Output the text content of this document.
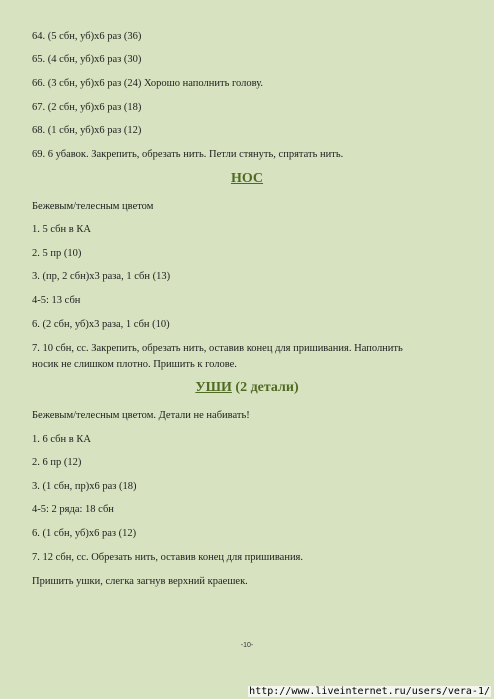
64. (5 сбн, уб)х6 раз (36)

65. (4 сбн, уб)х6 раз (30)

66. (3 сбн, уб)х6 раз (24) Хорошо наполнить голову.

67. (2 сбн, уб)х6 раз (18)

68. (1 сбн, уб)х6 раз (12)

69. 6 убавок. Закрепить, обрезать нить. Петли стянуть, спрятать нить.

НОС

Бежевым/телесным цветом

1. 5 сбн в КА

2. 5 пр (10)

3. (пр, 2 сбн)х3 раза, 1 сбн (13)

4-5: 13 сбн

6. (2 сбн, уб)х3 раза, 1 сбн (10)

7. 10 сбн, сс. Закрепить, обрезать нить, оставив конец для пришивания. Наполнить

носик не слишком плотно. Пришить к голове.

УШИ (2 детали)

Бежевым/телесным цветом. Детали не набивать!

1. 6 сбн в КА

2. 6 пр (12)

3. (1 сбн, пр)х6 раз (18)

4-5: 2 ряда: 18 сбн

6. (1 сбн, уб)х6 раз (12)

7. 12 сбн, сс. Обрезать нить, оставив конец для пришивания.

Пришить ушки, слегка загнув верхний краешек.

-10-
http://www.liveinternet.ru/users/vera-1/
